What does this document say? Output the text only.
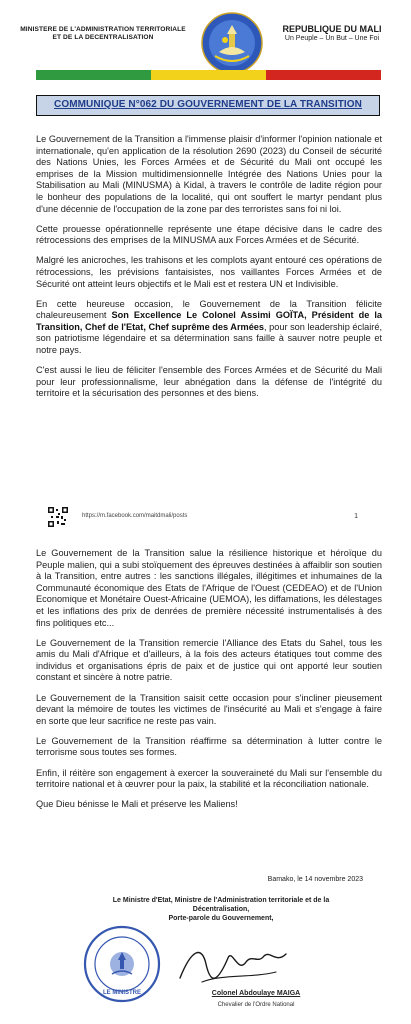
MINISTERE DE L'ADMINISTRATION TERRITORIALE
ET DE LA DECENTRALISATION
REPUBLIQUE DU MALI
Un Peuple – Un But – Une Foi
COMMUNIQUE N°062 DU GOUVERNEMENT DE LA TRANSITION

Le Gouvernement de la Transition a l'immense plaisir d'informer l'opinion nationale et internationale, qu'en application de la résolution 2690 (2023) du Conseil de sécurité des Nations Unies, les Forces Armées et de Sécurité du Mali ont occupé les emprises de la Mission multidimensionnelle Intégrée des Nations Unies pour la Stabilisation au Mali (MINUSMA) à Kidal, à travers le contrôle de ladite région pour le bonheur des populations de la localité, qui ont souffert le martyr pendant plus d'une décennie de l'occupation de la zone par des terroristes sans foi ni loi.

Cette prouesse opérationnelle représente une étape décisive dans le cadre des rétrocessions des emprises de la MINUSMA aux Forces Armées et de Sécurité.

Malgré les anicroches, les trahisons et les complots ayant entouré ces opérations de rétrocessions, les prévisions fantaisistes, nos vaillantes Forces Armées et de Sécurité ont atteint leurs objectifs et le Mali est et restera UN et Indivisible.

En cette heureuse occasion, le Gouvernement de la Transition félicite chaleureusement Son Excellence Le Colonel Assimi GOÏTA, Président de la Transition, Chef de l'Etat, Chef suprême des Armées, pour son leadership éclairé, son patriotisme légendaire et sa détermination sans faille à sauver notre peuple et notre pays.

C'est aussi le lieu de féliciter l'ensemble des Forces Armées et de Sécurité du Mali pour leur professionnalisme, leur abnégation dans la défense de l'intégrité du territoire et la sécurisation des personnes et des biens.

https://m.facebook.com/maitdmali/posts	1

Le Gouvernement de la Transition salue la résilience historique et héroïque du Peuple malien, qui a subi stoïquement des épreuves destinées à affaiblir son soutien à la Transition, entre autres : les sanctions illégales, illégitimes et inhumaines de la Communauté économique des Etats de l'Afrique de l'Ouest (CEDEAO) et de l'Union Economique et Monétaire Ouest-Africaine (UEMOA), les diffamations, les délestages et les inflations des prix de denrées de première nécessité instrumentalisés à des fins politiques etc...

Le Gouvernement de la Transition remercie l'Alliance des Etats du Sahel, tous les amis du Mali d'Afrique et d'ailleurs, à la fois des acteurs étatiques tout comme des individus et organisations épris de paix et de justice qui ont apporté leur soutien constant et sincère à notre patrie.

Le Gouvernement de la Transition saisit cette occasion pour s'incliner pieusement devant la mémoire de toutes les victimes de l'insécurité au Mali et s'engage à faire en sorte que leur sacrifice ne reste pas vain.

Le Gouvernement de la Transition réaffirme sa détermination à lutter contre le terrorisme sous toutes ses formes.

Enfin, il réitère son engagement à exercer la souveraineté du Mali sur l'ensemble du territoire national et à œuvrer pour la paix, la stabilité et la réconciliation nationale.

Que Dieu bénisse le Mali et préserve les Maliens!

Bamako, le 14 novembre 2023
Le Ministre d'Etat, Ministre de l'Administration territoriale et de la Décentralisation,
Porte-parole du Gouvernement,
LE MINISTRE	Colonel Abdoulaye MAIGA
Chevalier de l'Ordre National
